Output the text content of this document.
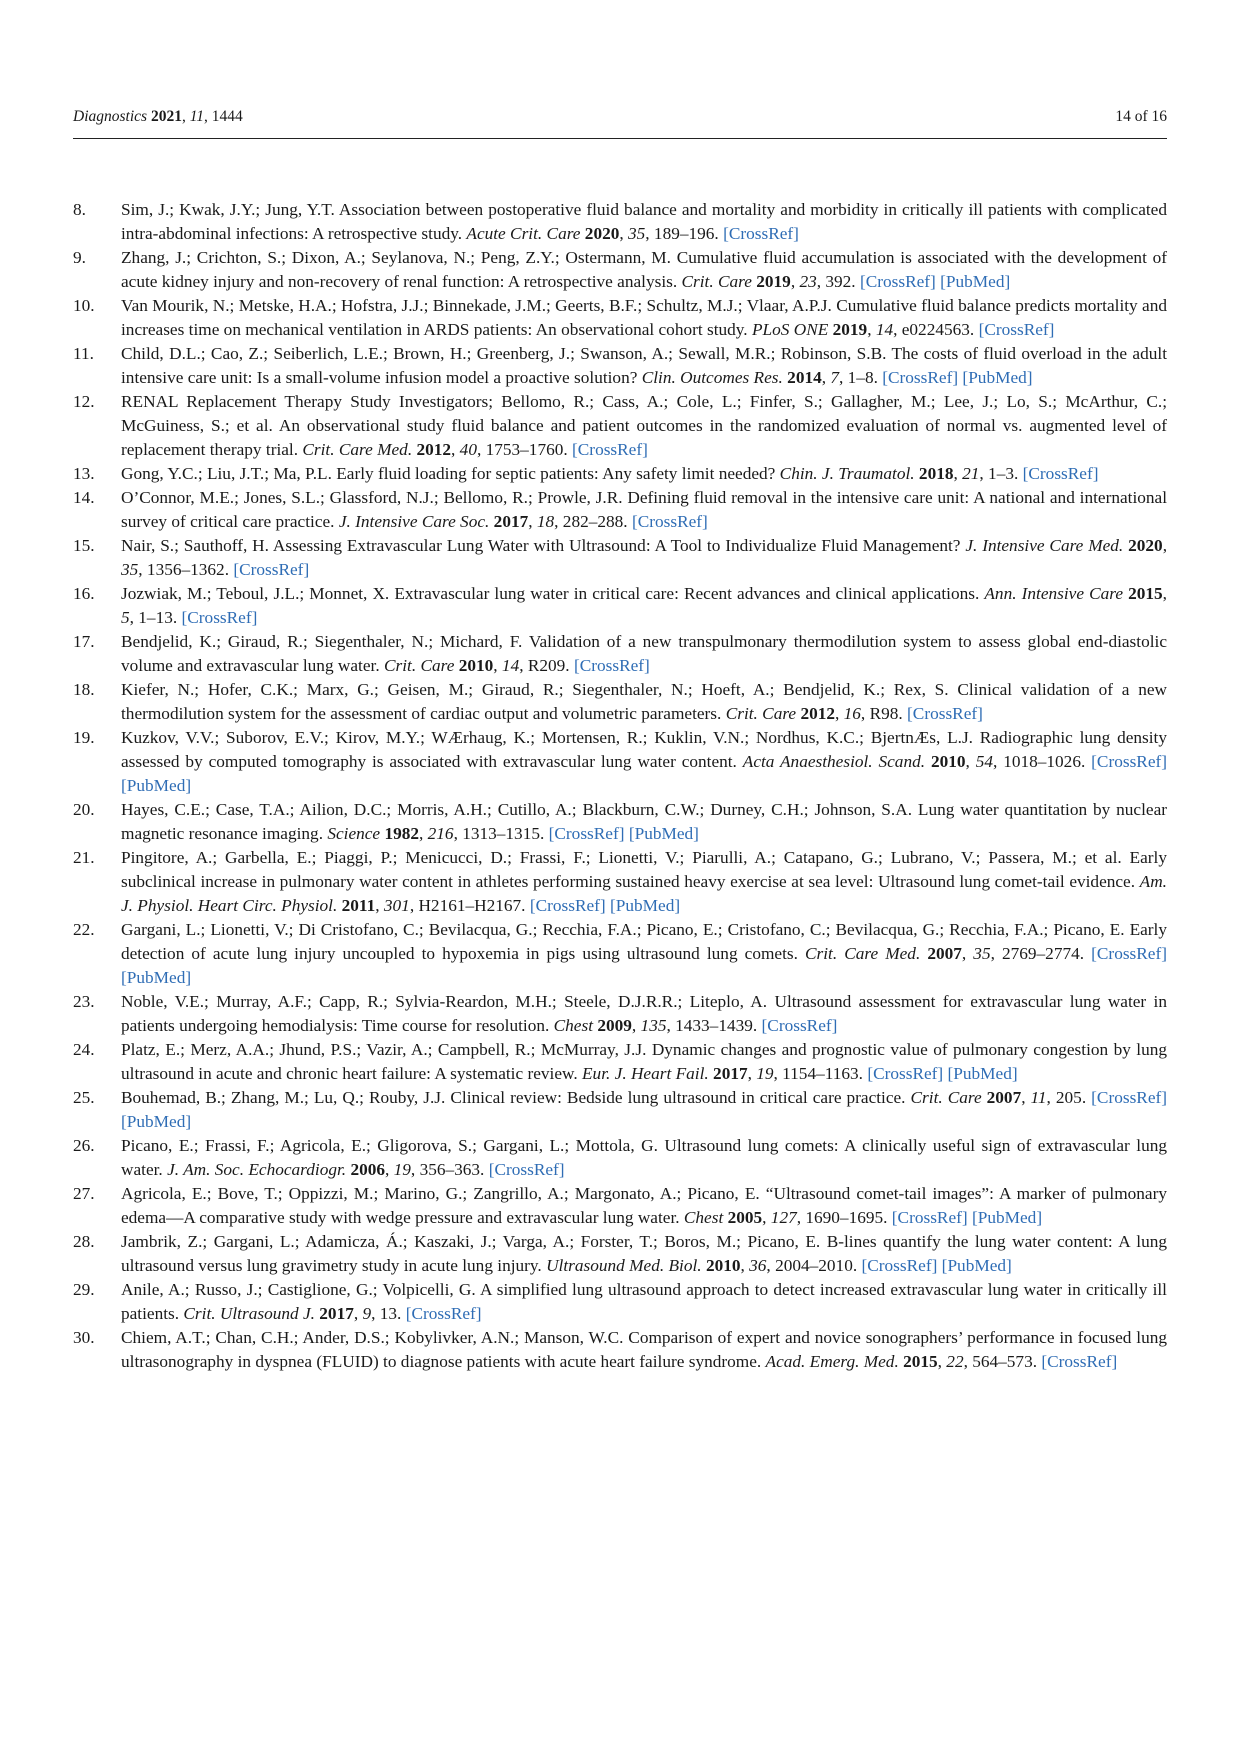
Diagnostics 2021, 11, 1444	14 of 16
8.	Sim, J.; Kwak, J.Y.; Jung, Y.T. Association between postoperative fluid balance and mortality and morbidity in critically ill patients with complicated intra-abdominal infections: A retrospective study. Acute Crit. Care 2020, 35, 189–196. [CrossRef]
9.	Zhang, J.; Crichton, S.; Dixon, A.; Seylanova, N.; Peng, Z.Y.; Ostermann, M. Cumulative fluid accumulation is associated with the development of acute kidney injury and non-recovery of renal function: A retrospective analysis. Crit. Care 2019, 23, 392. [CrossRef] [PubMed]
10.	Van Mourik, N.; Metske, H.A.; Hofstra, J.J.; Binnekade, J.M.; Geerts, B.F.; Schultz, M.J.; Vlaar, A.P.J. Cumulative fluid balance predicts mortality and increases time on mechanical ventilation in ARDS patients: An observational cohort study. PLoS ONE 2019, 14, e0224563. [CrossRef]
11.	Child, D.L.; Cao, Z.; Seiberlich, L.E.; Brown, H.; Greenberg, J.; Swanson, A.; Sewall, M.R.; Robinson, S.B. The costs of fluid overload in the adult intensive care unit: Is a small-volume infusion model a proactive solution? Clin. Outcomes Res. 2014, 7, 1–8. [CrossRef] [PubMed]
12.	RENAL Replacement Therapy Study Investigators; Bellomo, R.; Cass, A.; Cole, L.; Finfer, S.; Gallagher, M.; Lee, J.; Lo, S.; McArthur, C.; McGuiness, S.; et al. An observational study fluid balance and patient outcomes in the randomized evaluation of normal vs. augmented level of replacement therapy trial. Crit. Care Med. 2012, 40, 1753–1760. [CrossRef]
13.	Gong, Y.C.; Liu, J.T.; Ma, P.L. Early fluid loading for septic patients: Any safety limit needed? Chin. J. Traumatol. 2018, 21, 1–3. [CrossRef]
14.	O’Connor, M.E.; Jones, S.L.; Glassford, N.J.; Bellomo, R.; Prowle, J.R. Defining fluid removal in the intensive care unit: A national and international survey of critical care practice. J. Intensive Care Soc. 2017, 18, 282–288. [CrossRef]
15.	Nair, S.; Sauthoff, H. Assessing Extravascular Lung Water with Ultrasound: A Tool to Individualize Fluid Management? J. Intensive Care Med. 2020, 35, 1356–1362. [CrossRef]
16.	Jozwiak, M.; Teboul, J.L.; Monnet, X. Extravascular lung water in critical care: Recent advances and clinical applications. Ann. Intensive Care 2015, 5, 1–13. [CrossRef]
17.	Bendjelid, K.; Giraud, R.; Siegenthaler, N.; Michard, F. Validation of a new transpulmonary thermodilution system to assess global end-diastolic volume and extravascular lung water. Crit. Care 2010, 14, R209. [CrossRef]
18.	Kiefer, N.; Hofer, C.K.; Marx, G.; Geisen, M.; Giraud, R.; Siegenthaler, N.; Hoeft, A.; Bendjelid, K.; Rex, S. Clinical validation of a new thermodilution system for the assessment of cardiac output and volumetric parameters. Crit. Care 2012, 16, R98. [CrossRef]
19.	Kuzkov, V.V.; Suborov, E.V.; Kirov, M.Y.; WÆrhaug, K.; Mortensen, R.; Kuklin, V.N.; Nordhus, K.C.; BjertnÆs, L.J. Radiographic lung density assessed by computed tomography is associated with extravascular lung water content. Acta Anaesthesiol. Scand. 2010, 54, 1018–1026. [CrossRef] [PubMed]
20.	Hayes, C.E.; Case, T.A.; Ailion, D.C.; Morris, A.H.; Cutillo, A.; Blackburn, C.W.; Durney, C.H.; Johnson, S.A. Lung water quantitation by nuclear magnetic resonance imaging. Science 1982, 216, 1313–1315. [CrossRef] [PubMed]
21.	Pingitore, A.; Garbella, E.; Piaggi, P.; Menicucci, D.; Frassi, F.; Lionetti, V.; Piarulli, A.; Catapano, G.; Lubrano, V.; Passera, M.; et al. Early subclinical increase in pulmonary water content in athletes performing sustained heavy exercise at sea level: Ultrasound lung comet-tail evidence. Am. J. Physiol. Heart Circ. Physiol. 2011, 301, H2161–H2167. [CrossRef] [PubMed]
22.	Gargani, L.; Lionetti, V.; Di Cristofano, C.; Bevilacqua, G.; Recchia, F.A.; Picano, E.; Cristofano, C.; Bevilacqua, G.; Recchia, F.A.; Picano, E. Early detection of acute lung injury uncoupled to hypoxemia in pigs using ultrasound lung comets. Crit. Care Med. 2007, 35, 2769–2774. [CrossRef] [PubMed]
23.	Noble, V.E.; Murray, A.F.; Capp, R.; Sylvia-Reardon, M.H.; Steele, D.J.R.R.; Liteplo, A. Ultrasound assessment for extravascular lung water in patients undergoing hemodialysis: Time course for resolution. Chest 2009, 135, 1433–1439. [CrossRef]
24.	Platz, E.; Merz, A.A.; Jhund, P.S.; Vazir, A.; Campbell, R.; McMurray, J.J. Dynamic changes and prognostic value of pulmonary congestion by lung ultrasound in acute and chronic heart failure: A systematic review. Eur. J. Heart Fail. 2017, 19, 1154–1163. [CrossRef] [PubMed]
25.	Bouhemad, B.; Zhang, M.; Lu, Q.; Rouby, J.J. Clinical review: Bedside lung ultrasound in critical care practice. Crit. Care 2007, 11, 205. [CrossRef] [PubMed]
26.	Picano, E.; Frassi, F.; Agricola, E.; Gligorova, S.; Gargani, L.; Mottola, G. Ultrasound lung comets: A clinically useful sign of extravascular lung water. J. Am. Soc. Echocardiogr. 2006, 19, 356–363. [CrossRef]
27.	Agricola, E.; Bove, T.; Oppizzi, M.; Marino, G.; Zangrillo, A.; Margonato, A.; Picano, E. “Ultrasound comet-tail images”: A marker of pulmonary edema—A comparative study with wedge pressure and extravascular lung water. Chest 2005, 127, 1690–1695. [CrossRef] [PubMed]
28.	Jambrik, Z.; Gargani, L.; Adamicza, Á.; Kaszaki, J.; Varga, A.; Forster, T.; Boros, M.; Picano, E. B-lines quantify the lung water content: A lung ultrasound versus lung gravimetry study in acute lung injury. Ultrasound Med. Biol. 2010, 36, 2004–2010. [CrossRef] [PubMed]
29.	Anile, A.; Russo, J.; Castiglione, G.; Volpicelli, G. A simplified lung ultrasound approach to detect increased extravascular lung water in critically ill patients. Crit. Ultrasound J. 2017, 9, 13. [CrossRef]
30.	Chiem, A.T.; Chan, C.H.; Ander, D.S.; Kobylivker, A.N.; Manson, W.C. Comparison of expert and novice sonographers’ performance in focused lung ultrasonography in dyspnea (FLUID) to diagnose patients with acute heart failure syndrome. Acad. Emerg. Med. 2015, 22, 564–573. [CrossRef]
